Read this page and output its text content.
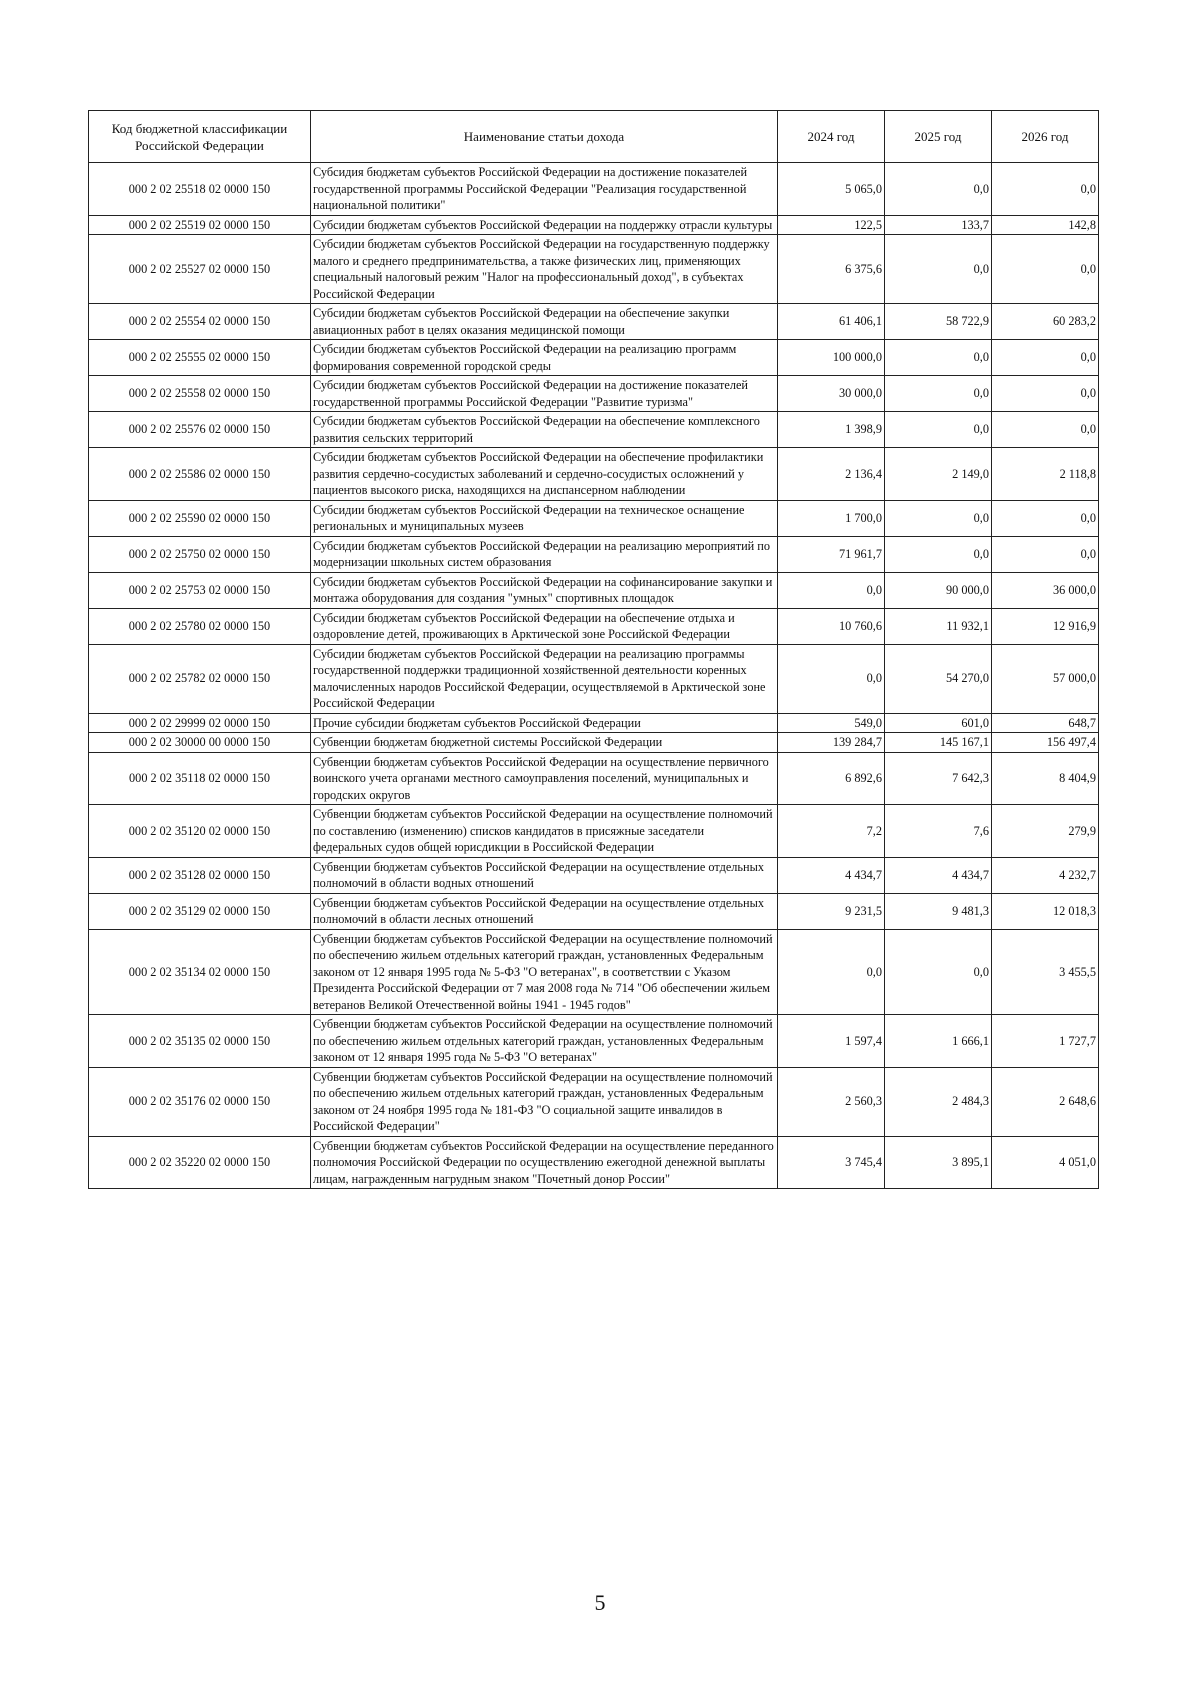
Код бюджетной классификации Российской Федерации	Наименование статьи дохода	2024 год	2025 год	2026 год
000 2 02 25518 02 0000 150	Субсидия бюджетам субъектов Российской Федерации на достижение показателей государственной программы Российской Федерации "Реализация государственной национальной политики"	5 065,0	0,0	0,0
000 2 02 25519 02 0000 150	Субсидии бюджетам субъектов Российской Федерации на поддержку отрасли культуры	122,5	133,7	142,8
000 2 02 25527 02 0000 150	Субсидии бюджетам субъектов Российской Федерации на государственную поддержку малого и среднего предпринимательства, а также физических лиц, применяющих специальный налоговый режим "Налог на профессиональный доход", в субъектах Российской Федерации	6 375,6	0,0	0,0
000 2 02 25554 02 0000 150	Субсидии бюджетам субъектов Российской Федерации на обеспечение закупки авиационных работ в целях оказания медицинской помощи	61 406,1	58 722,9	60 283,2
000 2 02 25555 02 0000 150	Субсидии бюджетам субъектов Российской Федерации на реализацию программ формирования современной городской среды	100 000,0	0,0	0,0
000 2 02 25558 02 0000 150	Субсидии бюджетам субъектов Российской Федерации на достижение показателей государственной программы Российской Федерации "Развитие туризма"	30 000,0	0,0	0,0
000 2 02 25576 02 0000 150	Субсидии бюджетам субъектов Российской Федерации на обеспечение комплексного развития сельских территорий	1 398,9	0,0	0,0
000 2 02 25586 02 0000 150	Субсидии бюджетам субъектов Российской Федерации на обеспечение профилактики развития сердечно-сосудистых заболеваний и сердечно-сосудистых осложнений у пациентов высокого риска, находящихся на диспансерном наблюдении	2 136,4	2 149,0	2 118,8
000 2 02 25590 02 0000 150	Субсидии бюджетам субъектов Российской Федерации на техническое оснащение региональных и муниципальных музеев	1 700,0	0,0	0,0
000 2 02 25750 02 0000 150	Субсидии бюджетам субъектов Российской Федерации на реализацию мероприятий по модернизации школьных систем образования	71 961,7	0,0	0,0
000 2 02 25753 02 0000 150	Субсидии бюджетам субъектов Российской Федерации на софинансирование закупки и монтажа оборудования для создания "умных" спортивных площадок	0,0	90 000,0	36 000,0
000 2 02 25780 02 0000 150	Субсидии бюджетам субъектов Российской Федерации на обеспечение отдыха и оздоровление детей, проживающих в Арктической зоне Российской Федерации	10 760,6	11 932,1	12 916,9
000 2 02 25782 02 0000 150	Субсидии бюджетам субъектов Российской Федерации на реализацию программы государственной поддержки традиционной хозяйственной деятельности коренных малочисленных народов Российской Федерации, осуществляемой в Арктической зоне Российской Федерации	0,0	54 270,0	57 000,0
000 2 02 29999 02 0000 150	Прочие субсидии бюджетам субъектов Российской Федерации	549,0	601,0	648,7
000 2 02 30000 00 0000 150	Субвенции бюджетам бюджетной системы Российской Федерации	139 284,7	145 167,1	156 497,4
000 2 02 35118 02 0000 150	Субвенции бюджетам субъектов Российской Федерации на осуществление первичного воинского учета органами местного самоуправления поселений, муниципальных и городских округов	6 892,6	7 642,3	8 404,9
000 2 02 35120 02 0000 150	Субвенции бюджетам субъектов Российской Федерации на осуществление полномочий по составлению (изменению) списков кандидатов в присяжные заседатели федеральных судов общей юрисдикции в Российской Федерации	7,2	7,6	279,9
000 2 02 35128 02 0000 150	Субвенции бюджетам субъектов Российской Федерации на осуществление отдельных полномочий в области водных отношений	4 434,7	4 434,7	4 232,7
000 2 02 35129 02 0000 150	Субвенции бюджетам субъектов Российской Федерации на осуществление отдельных полномочий в области лесных отношений	9 231,5	9 481,3	12 018,3
000 2 02 35134 02 0000 150	Субвенции бюджетам субъектов Российской Федерации на осуществление полномочий по обеспечению жильем отдельных категорий граждан, установленных Федеральным законом от 12 января 1995 года № 5-ФЗ "О ветеранах", в соответствии с Указом Президента Российской Федерации от 7 мая 2008 года № 714 "Об обеспечении жильем ветеранов Великой Отечественной войны 1941 - 1945 годов"	0,0	0,0	3 455,5
000 2 02 35135 02 0000 150	Субвенции бюджетам субъектов Российской Федерации на осуществление полномочий по обеспечению жильем отдельных категорий граждан, установленных Федеральным законом от 12 января 1995 года № 5-ФЗ "О ветеранах"	1 597,4	1 666,1	1 727,7
000 2 02 35176 02 0000 150	Субвенции бюджетам субъектов Российской Федерации на осуществление полномочий по обеспечению жильем отдельных категорий граждан, установленных Федеральным законом от 24 ноября 1995 года № 181-ФЗ "О социальной защите инвалидов в Российской Федерации"	2 560,3	2 484,3	2 648,6
000 2 02 35220 02 0000 150	Субвенции бюджетам субъектов Российской Федерации на осуществление переданного полномочия Российской Федерации по осуществлению ежегодной денежной выплаты лицам, награжденным нагрудным знаком "Почетный донор России"	3 745,4	3 895,1	4 051,0
5
